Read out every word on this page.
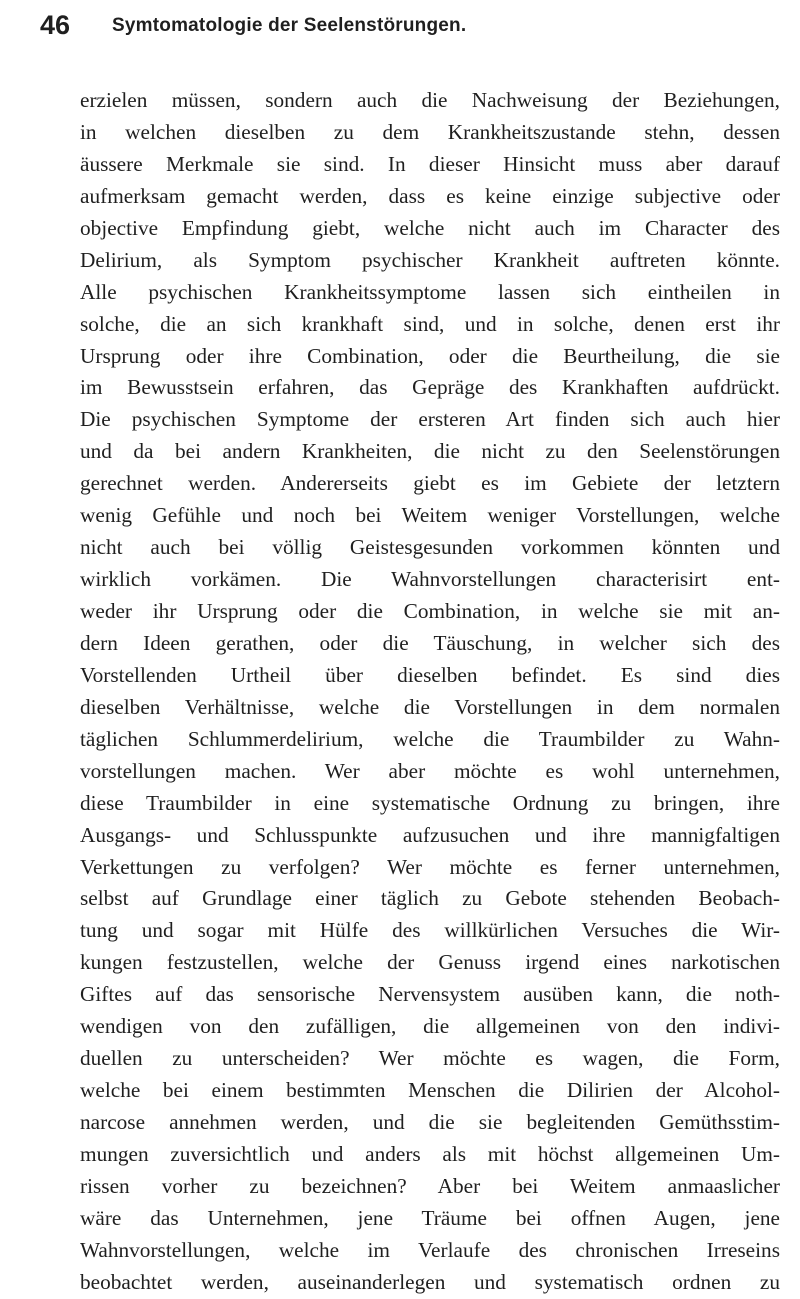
46 Symtomatologie der Seelenstörungen.
erzielen müssen, sondern auch die Nachweisung der Beziehungen,
in welchen dieselben zu dem Krankheitszustande stehn, dessen
äussere Merkmale sie sind. In dieser Hinsicht muss aber darauf
aufmerksam gemacht werden, dass es keine einzige subjective oder
objective Empfindung giebt, welche nicht auch im Character des
Delirium, als Symptom psychischer Krankheit auftreten könnte.
Alle psychischen Krankheitssymptome lassen sich eintheilen in
solche, die an sich krankhaft sind, und in solche, denen erst ihr
Ursprung oder ihre Combination, oder die Beurtheilung, die sie
im Bewusstsein erfahren, das Gepräge des Krankhaften aufdrückt.
Die psychischen Symptome der ersteren Art finden sich auch hier
und da bei andern Krankheiten, die nicht zu den Seelenstörungen
gerechnet werden. Andererseits giebt es im Gebiete der letztern
wenig Gefühle und noch bei Weitem weniger Vorstellungen, welche
nicht auch bei völlig Geistesgesunden vorkommen könnten und
wirklich vorkämen. Die Wahnvorstellungen characterisirt ent-
weder ihr Ursprung oder die Combination, in welche sie mit an-
dern Ideen gerathen, oder die Täuschung, in welcher sich des
Vorstellenden Urtheil über dieselben befindet. Es sind dies
dieselben Verhältnisse, welche die Vorstellungen in dem normalen
täglichen Schlummerdelirium, welche die Traumbilder zu Wahn-
vorstellungen machen. Wer aber möchte es wohl unternehmen,
diese Traumbilder in eine systematische Ordnung zu bringen, ihre
Ausgangs- und Schlusspunkte aufzusuchen und ihre mannigfaltigen
Verkettungen zu verfolgen? Wer möchte es ferner unternehmen,
selbst auf Grundlage einer täglich zu Gebote stehenden Beobach-
tung und sogar mit Hülfe des willkürlichen Versuches die Wir-
kungen festzustellen, welche der Genuss irgend eines narkotischen
Giftes auf das sensorische Nervensystem ausüben kann, die noth-
wendigen von den zufälligen, die allgemeinen von den indivi-
duellen zu unterscheiden? Wer möchte es wagen, die Form,
welche bei einem bestimmten Menschen die Dilirien der Alcohol-
narcose annehmen werden, und die sie begleitenden Gemüthsstim-
mungen zuversichtlich und anders als mit höchst allgemeinen Um-
rissen vorher zu bezeichnen? Aber bei Weitem anmaaslicher
wäre das Unternehmen, jene Träume bei offnen Augen, jene
Wahnvorstellungen, welche im Verlaufe des chronischen Irreseins
beobachtet werden, auseinanderlegen und systematisch ordnen zu
